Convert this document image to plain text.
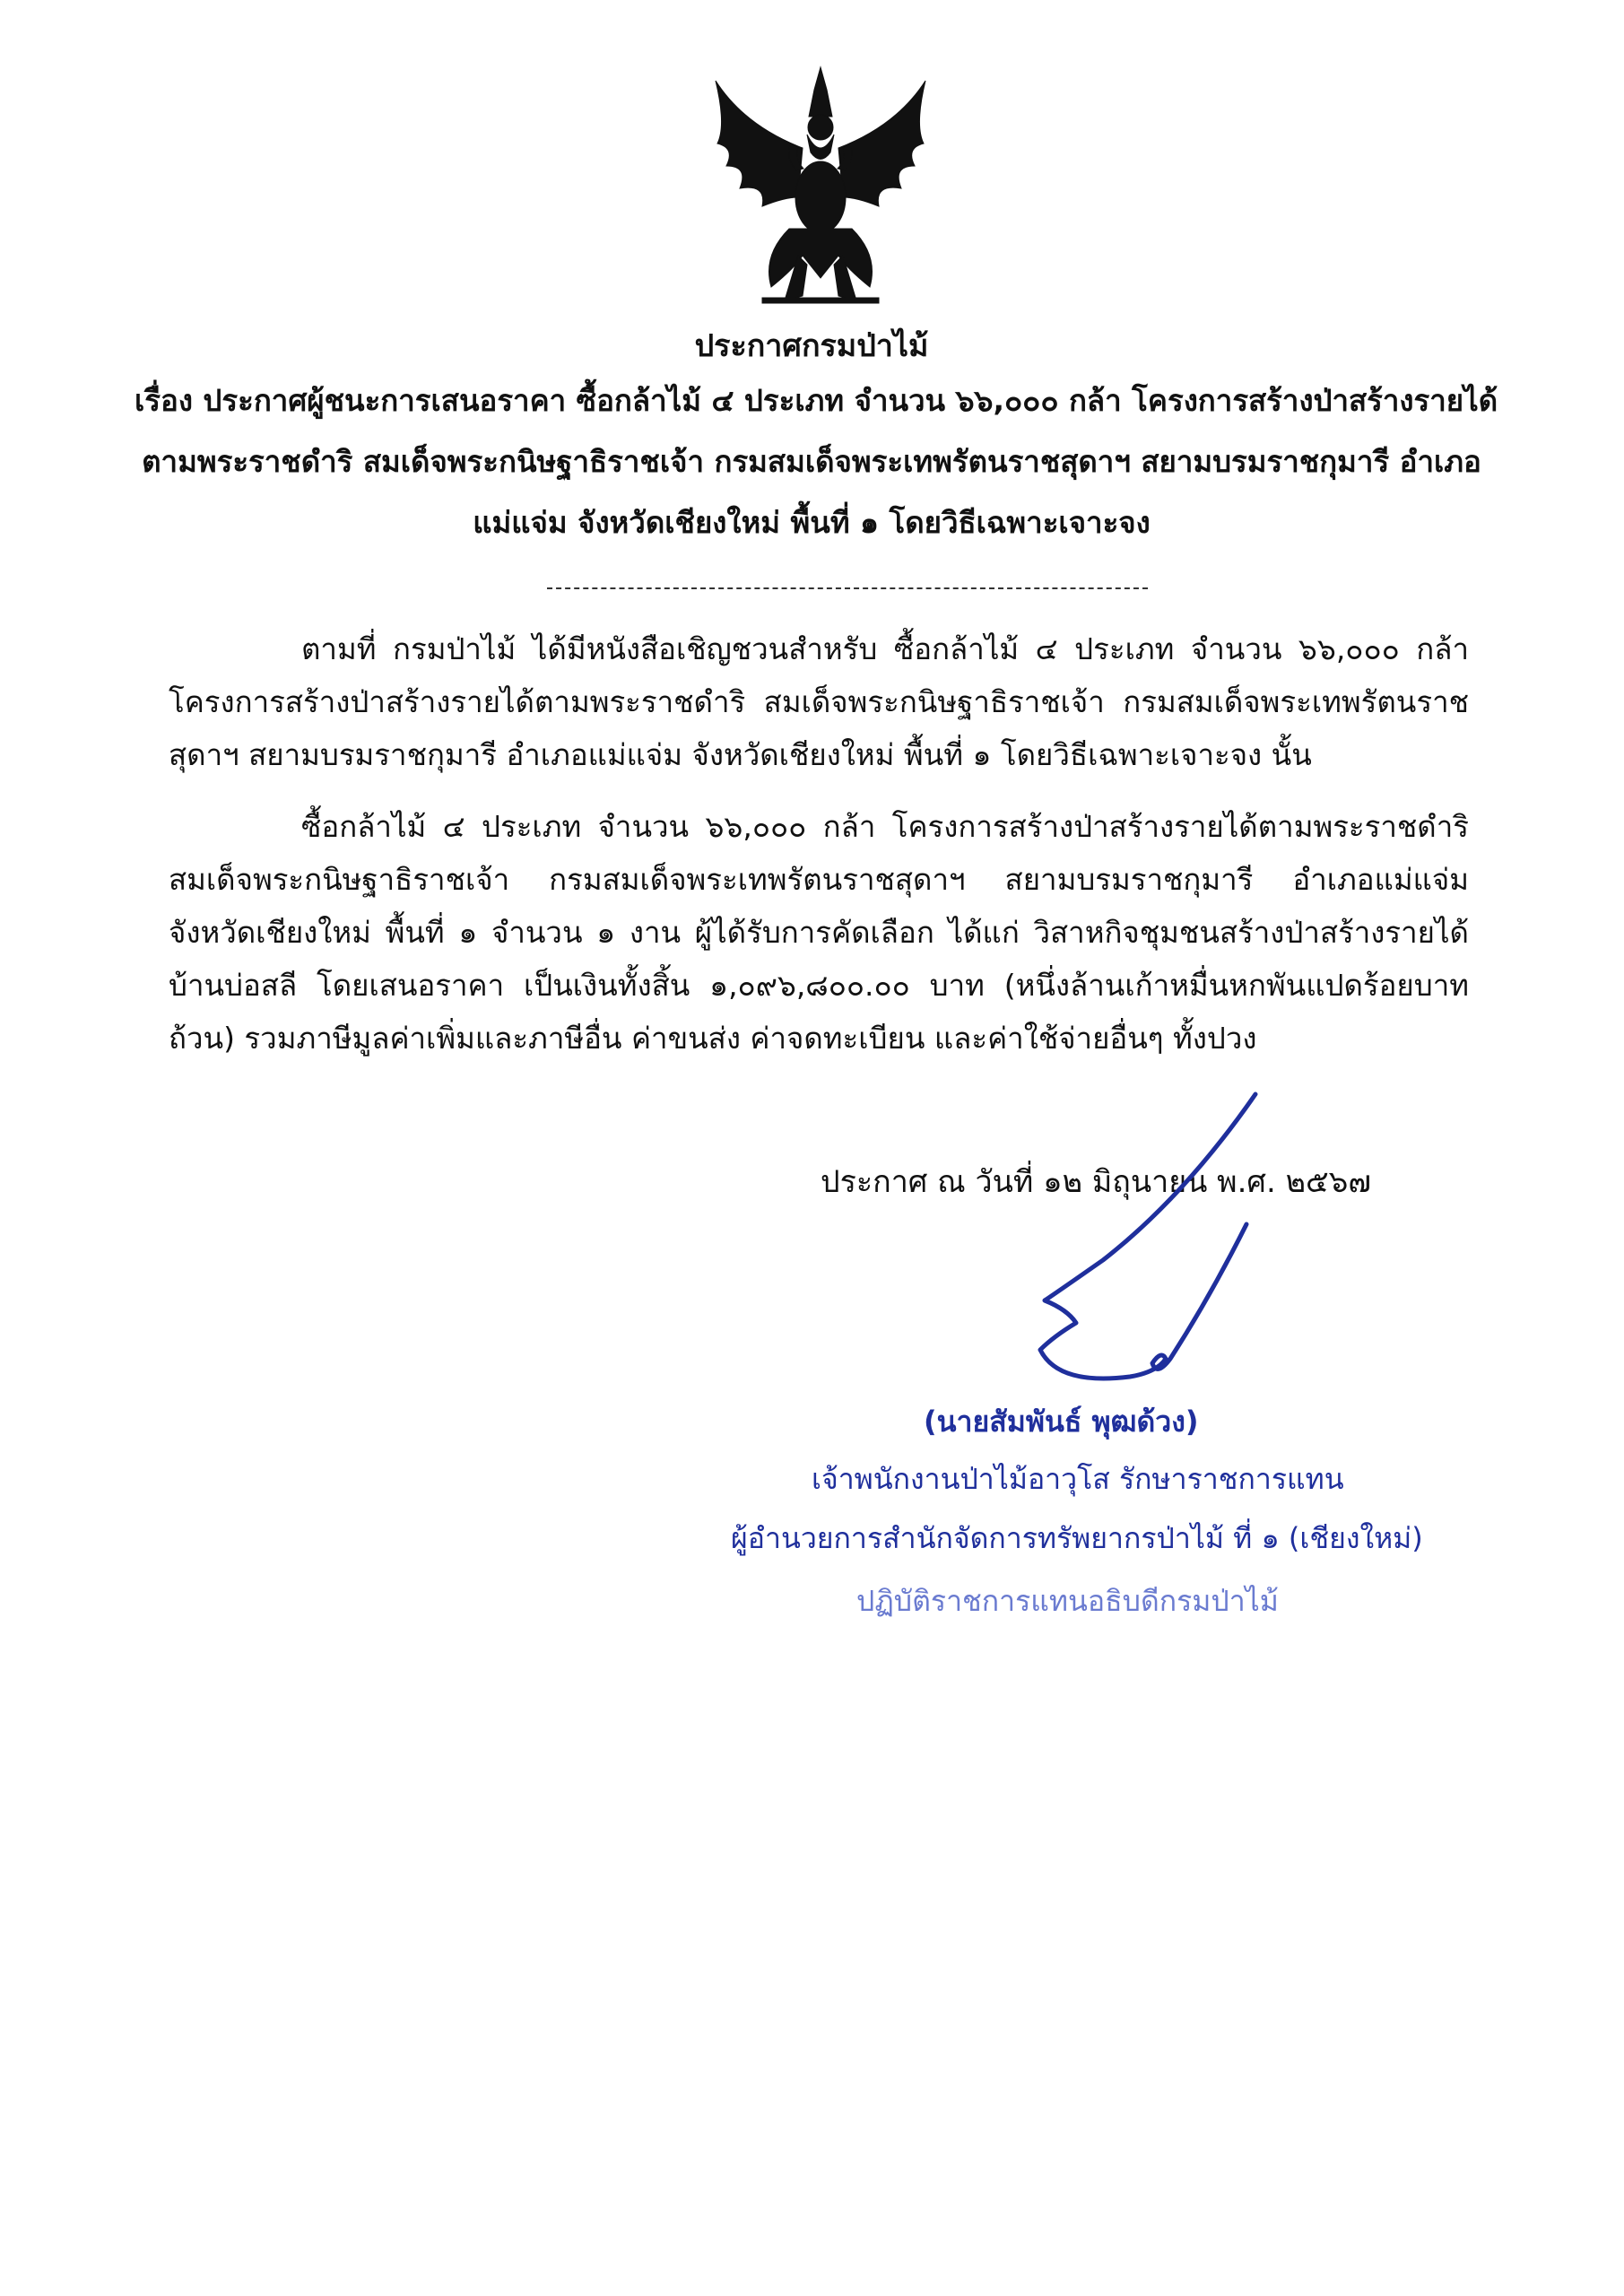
ประกาศกรมป่าไม้
เรื่อง ประกาศผู้ชนะการเสนอราคา ซื้อกล้าไม้ ๔ ประเภท จำนวน ๖๖,๐๐๐ กล้า โครงการสร้างป่าสร้างรายได้
ตามพระราชดำริ สมเด็จพระกนิษฐาธิราชเจ้า กรมสมเด็จพระเทพรัตนราชสุดาฯ สยามบรมราชกุมารี อำเภอ
แม่แจ่ม จังหวัดเชียงใหม่ พื้นที่ ๑ โดยวิธีเฉพาะเจาะจง
ตามที่ กรมป่าไม้ ได้มีหนังสือเชิญชวนสำหรับ ซื้อกล้าไม้ ๔ ประเภท จำนวน ๖๖,๐๐๐ กล้า โครงการสร้างป่าสร้างรายได้ตามพระราชดำริ สมเด็จพระกนิษฐาธิราชเจ้า กรมสมเด็จพระเทพรัตนราชสุดาฯ สยามบรมราชกุมารี อำเภอแม่แจ่ม จังหวัดเชียงใหม่ พื้นที่ ๑ โดยวิธีเฉพาะเจาะจง นั้น
ซื้อกล้าไม้ ๔ ประเภท จำนวน ๖๖,๐๐๐ กล้า โครงการสร้างป่าสร้างรายได้ตามพระราชดำริ สมเด็จพระกนิษฐาธิราชเจ้า กรมสมเด็จพระเทพรัตนราชสุดาฯ สยามบรมราชกุมารี อำเภอแม่แจ่ม จังหวัดเชียงใหม่ พื้นที่ ๑ จำนวน ๑ งาน ผู้ได้รับการคัดเลือก ได้แก่ วิสาหกิจชุมชนสร้างป่าสร้างรายได้บ้านบ่อสลี โดยเสนอราคา เป็นเงินทั้งสิ้น ๑,๐๙๖,๘๐๐.๐๐ บาท (หนึ่งล้านเก้าหมื่นหกพันแปดร้อยบาทถ้วน) รวมภาษีมูลค่าเพิ่มและภาษีอื่น ค่าขนส่ง ค่าจดทะเบียน และค่าใช้จ่ายอื่นๆ ทั้งปวง
ประกาศ ณ วันที่ ๑๒ มิถุนายน พ.ศ. ๒๕๖๗
(นายสัมพันธ์ พุฒด้วง)
เจ้าพนักงานป่าไม้อาวุโส รักษาราชการแทน
ผู้อำนวยการสำนักจัดการทรัพยากรป่าไม้ ที่ ๑ (เชียงใหม่)
ปฏิบัติราชการแทนอธิบดีกรมป่าไม้
